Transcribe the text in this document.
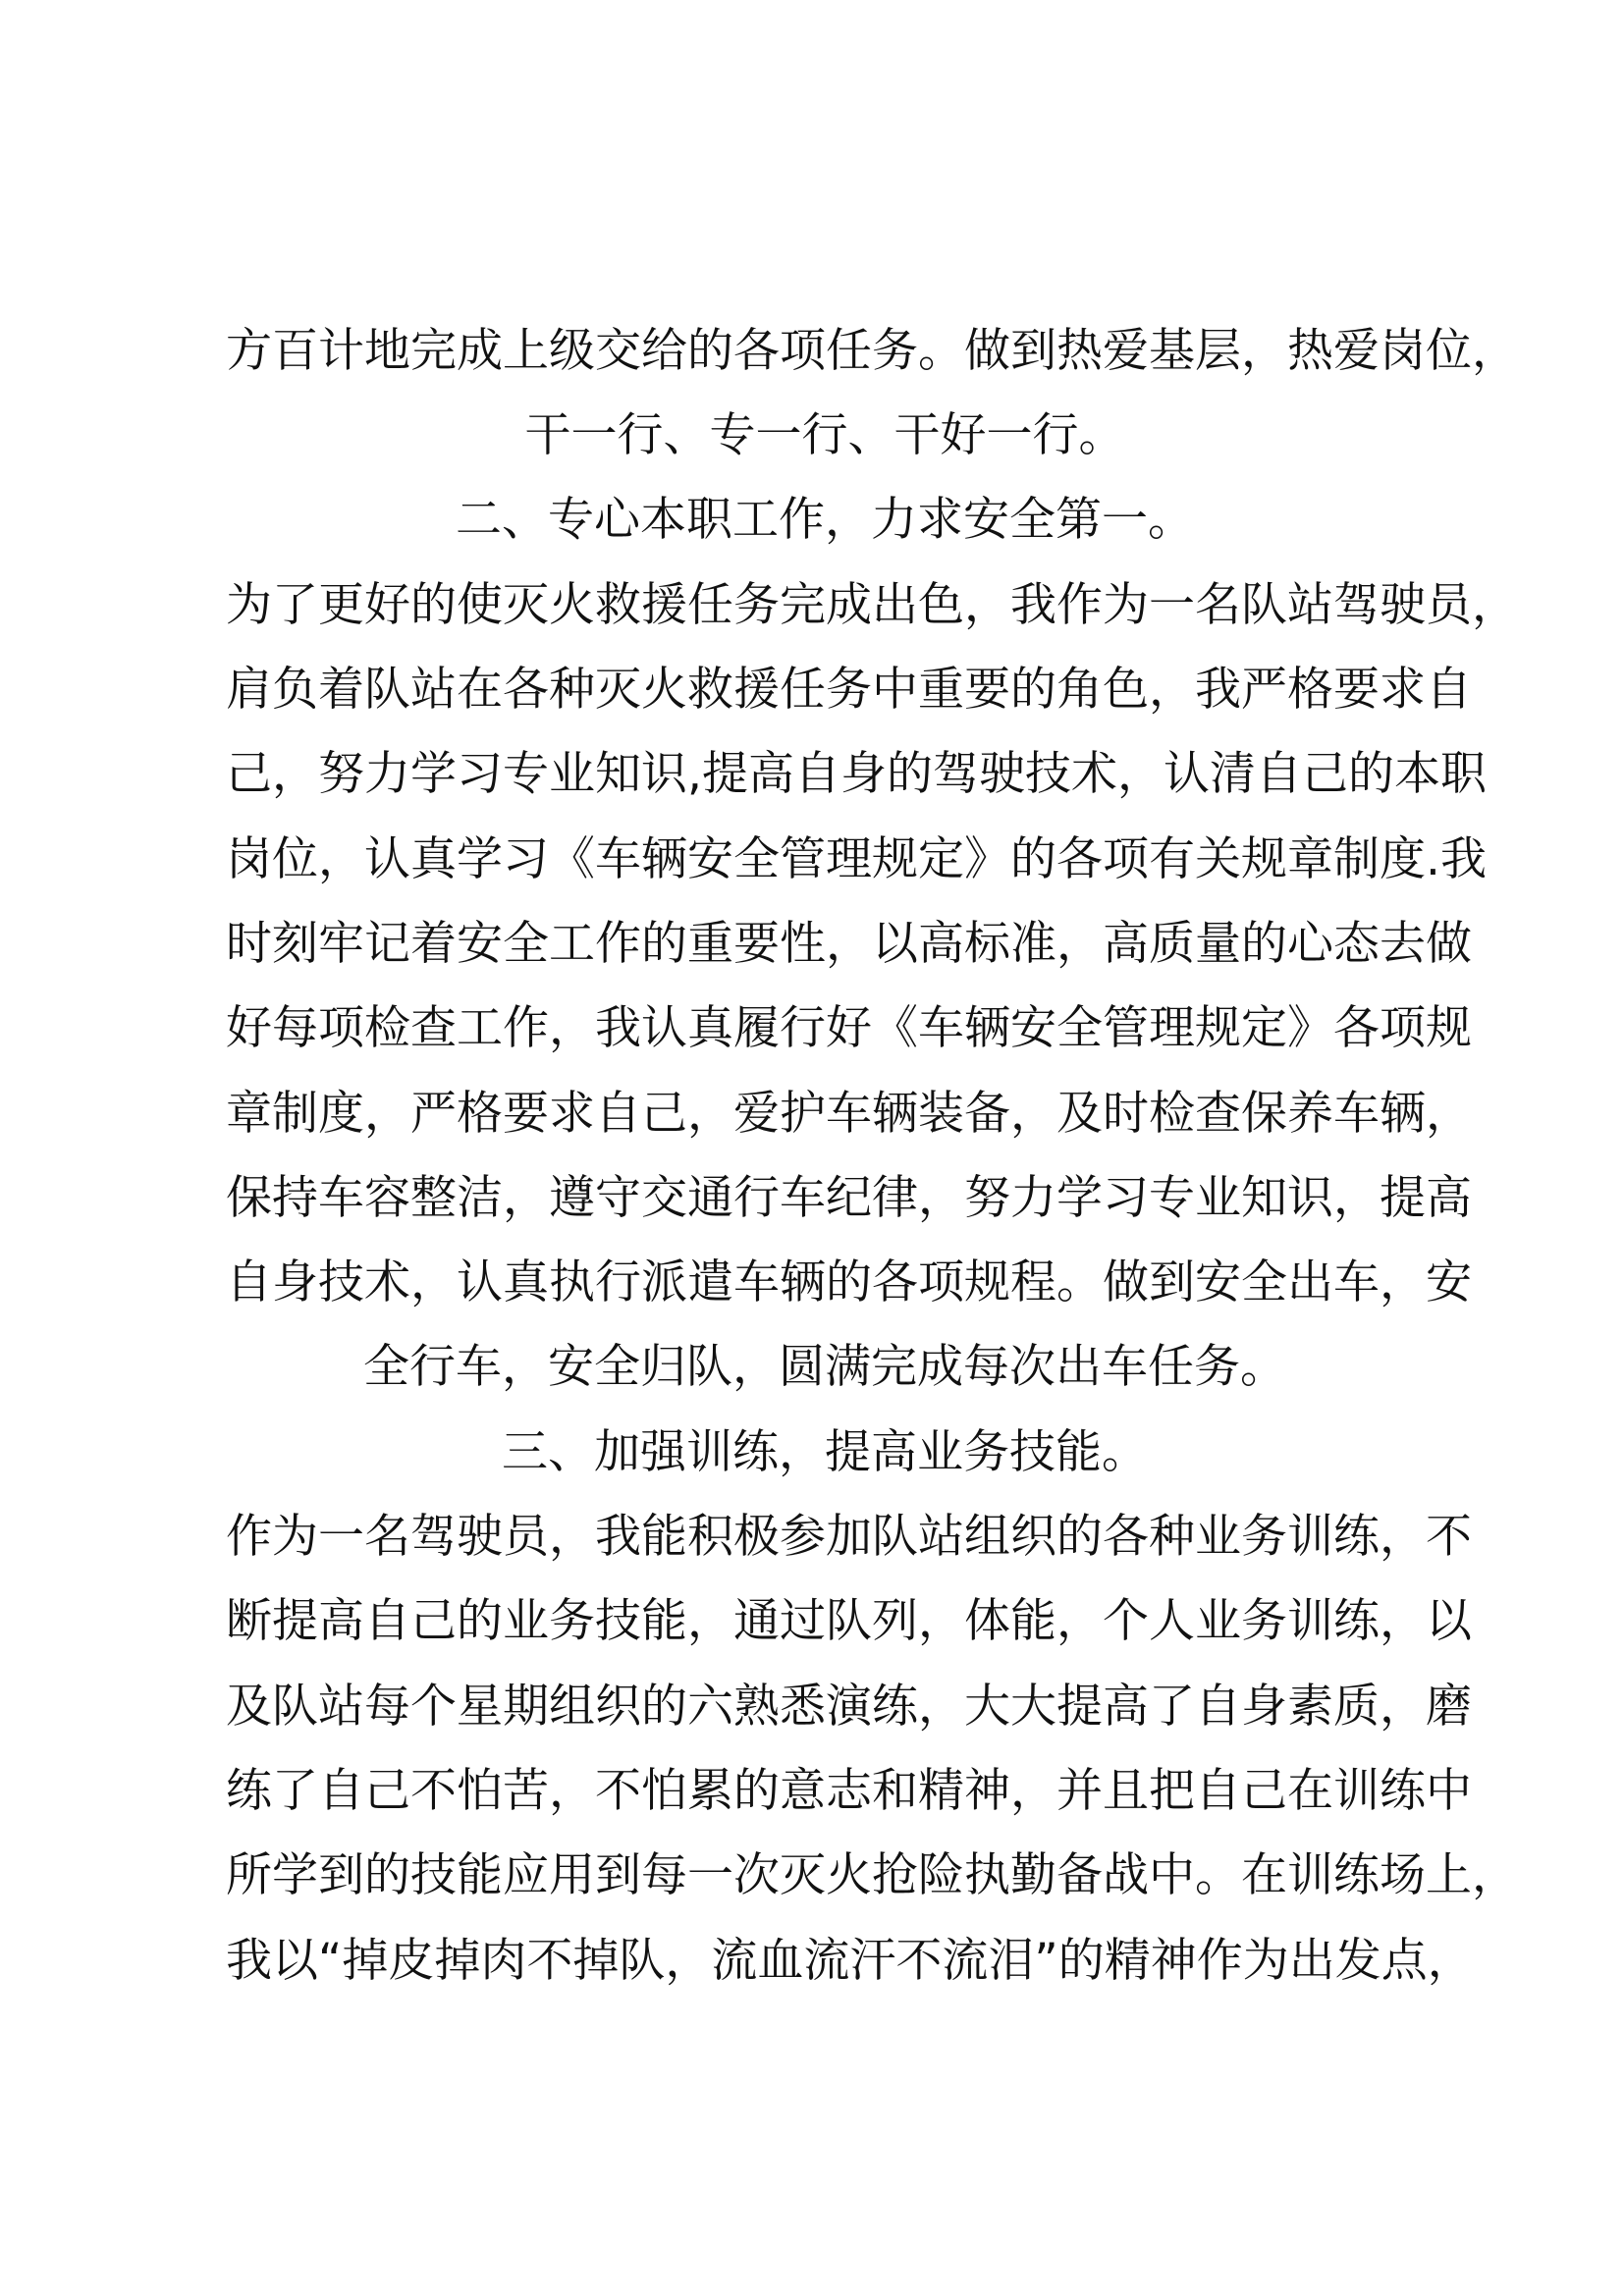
方百计地完成上级交给的各项任务。做到热爱基层，热爱岗位，
干一行、专一行、干好一行。
二、专心本职工作，力求安全第一。
为了更好的使灭火救援任务完成出色，我作为一名队站驾驶员，
肩负着队站在各种灭火救援任务中重要的角色，我严格要求自
己，努力学习专业知识,提高自身的驾驶技术，认清自己的本职
岗位，认真学习《车辆安全管理规定》的各项有关规章制度.我
时刻牢记着安全工作的重要性，以高标准，高质量的心态去做
好每项检查工作，我认真履行好《车辆安全管理规定》各项规
章制度，严格要求自己，爱护车辆装备，及时检查保养车辆，
保持车容整洁，遵守交通行车纪律，努力学习专业知识，提高
自身技术，认真执行派遣车辆的各项规程。做到安全出车，安
全行车，安全归队，圆满完成每次出车任务。
三、加强训练，提高业务技能。
作为一名驾驶员，我能积极参加队站组织的各种业务训练，不
断提高自己的业务技能，通过队列，体能，个人业务训练，以
及队站每个星期组织的六熟悉演练，大大提高了自身素质，磨
练了自己不怕苦，不怕累的意志和精神，并且把自己在训练中
所学到的技能应用到每一次灭火抢险执勤备战中。在训练场上，
我以“掉皮掉肉不掉队，流血流汗不流泪”的精神作为出发点，
